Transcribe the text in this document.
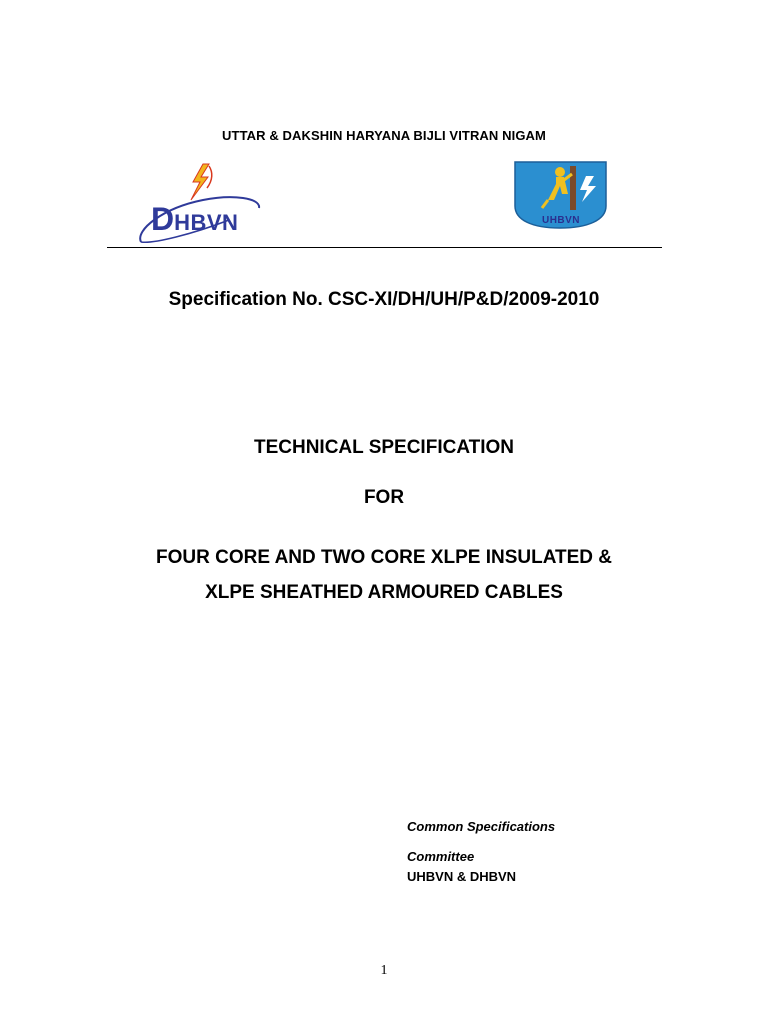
UTTAR & DAKSHIN HARYANA BIJLI VITRAN NIGAM
DHBVN	UHBVN
Specification No. CSC-XI/DH/UH/P&D/2009-2010
TECHNICAL SPECIFICATION
FOR
FOUR CORE AND TWO CORE XLPE INSULATED &
XLPE SHEATHED ARMOURED CABLES
Common Specifications
Committee
UHBVN & DHBVN
1
